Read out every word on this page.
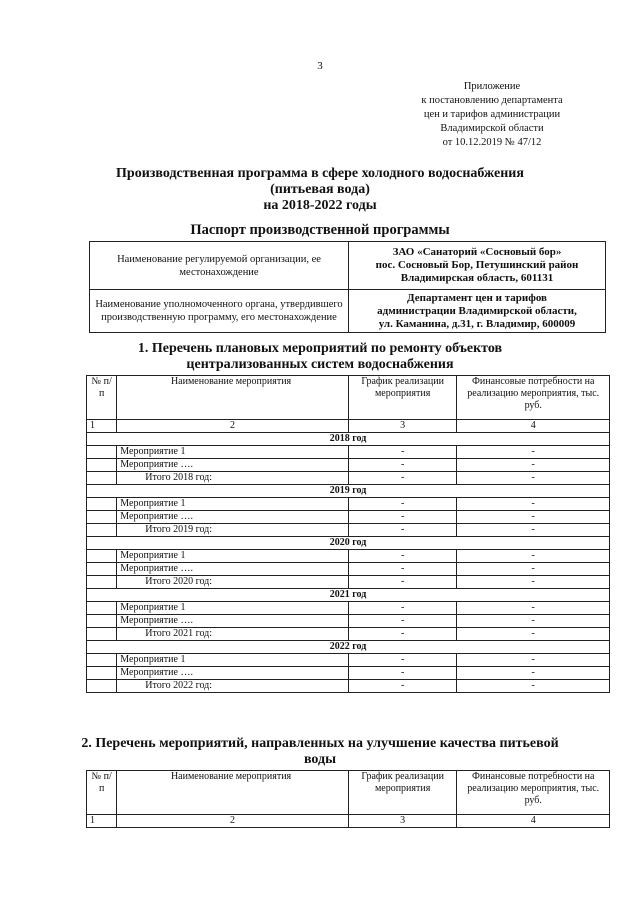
3
Приложение
к постановлению департамента
цен и тарифов администрации
Владимирской области
от 10.12.2019 № 47/12
Производственная программа в сфере холодного водоснабжения
(питьевая вода)
на 2018-2022 годы
Паспорт производственной программы
Наименование регулируемой организации, ее местонахождение	ЗАО «Санаторий «Сосновый бор»
пос. Сосновый Бор, Петушинский район
Владимирская область, 601131

Наименование уполномоченного органа, утвердившего производственную программу, его местонахождение	Департамент цен и тарифов
администрации Владимирской области,
ул. Каманина, д.31, г. Владимир, 600009
1. Перечень плановых мероприятий по ремонту объектов
централизованных систем водоснабжения
№ п/п	Наименование мероприятия	График реализации мероприятия	Финансовые потребности на реализацию мероприятия, тыс. руб.
1	2	3	4
2018 год			
	Мероприятие 1	-	-
	Мероприятие ….	-	-
	Итого 2018 год:	-	-
2019 год			
	Мероприятие 1	-	-
	Мероприятие ….	-	-
	Итого 2019 год:	-	-
2020 год			
	Мероприятие 1	-	-
	Мероприятие ….	-	-
	Итого 2020 год:	-	-
2021 год			
	Мероприятие 1	-	-
	Мероприятие ….	-	-
	Итого 2021 год:	-	-
2022 год			
	Мероприятие 1	-	-
	Мероприятие ….	-	-
	Итого 2022 год:	-	-
2. Перечень мероприятий, направленных на улучшение качества питьевой
воды
№ п/п	Наименование мероприятия	График реализации мероприятия	Финансовые потребности на реализацию мероприятия, тыс. руб.
1	2	3	4
